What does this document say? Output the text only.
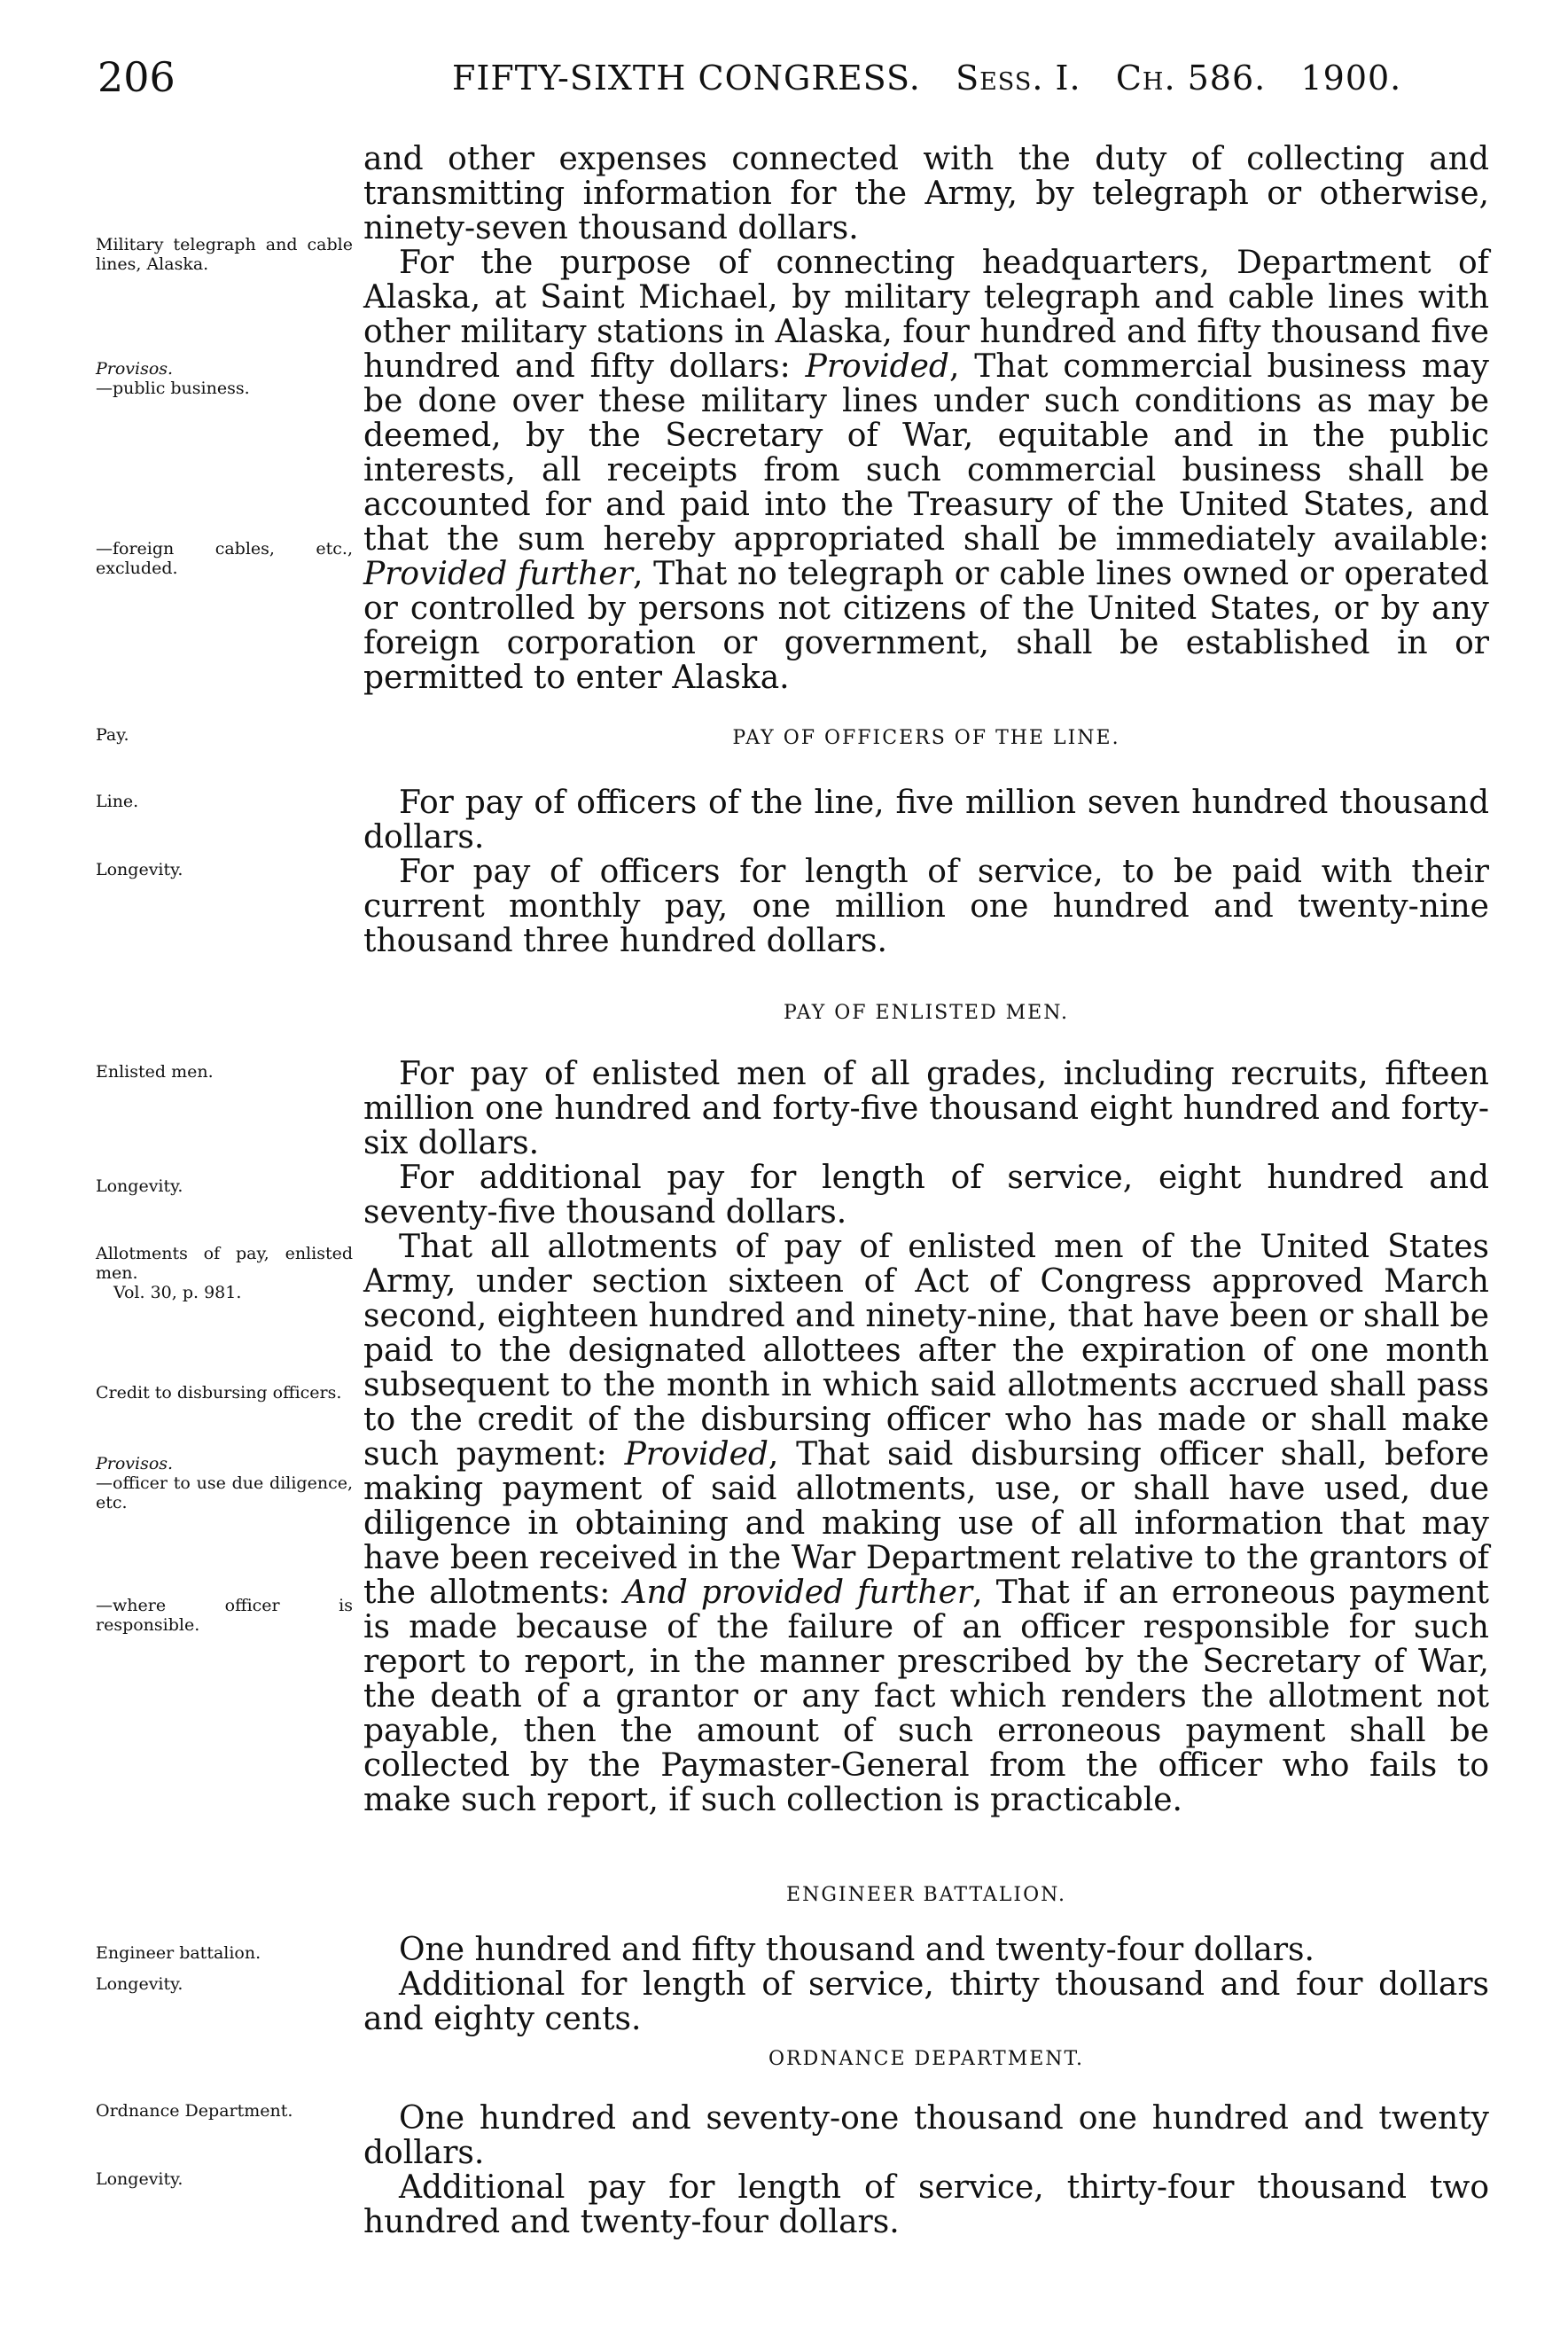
206	FIFTY-SIXTH CONGRESS. Sess. I. Ch. 586. 1900.
Military telegraph and cable lines, Alaska.
Provisos.
—public business.
—foreign cables, etc., excluded.
Pay.
Line.
Longevity.
Enlisted men.
Longevity.
Allotments of pay, enlisted men.
Vol. 30, p. 981.
Credit to disbursing officers.
Provisos.
—officer to use due diligence, etc.
—where officer is responsible.
Engineer battalion.
Longevity.
Ordnance Department.
Longevity.

and other expenses connected with the duty of collecting and transmitting information for the Army, by telegraph or otherwise, ninety-seven thousand dollars.

For the purpose of connecting headquarters, Department of Alaska, at Saint Michael, by military telegraph and cable lines with other military stations in Alaska, four hundred and fifty thousand five hundred and fifty dollars: Provided, That commercial business may be done over these military lines under such conditions as may be deemed, by the Secretary of War, equitable and in the public interests, all receipts from such commercial business shall be accounted for and paid into the Treasury of the United States, and that the sum hereby appropriated shall be immediately available: Provided further, That no telegraph or cable lines owned or operated or controlled by persons not citizens of the United States, or by any foreign corporation or government, shall be established in or permitted to enter Alaska.

PAY OF OFFICERS OF THE LINE.

For pay of officers of the line, five million seven hundred thousand dollars.

For pay of officers for length of service, to be paid with their current monthly pay, one million one hundred and twenty-nine thousand three hundred dollars.

PAY OF ENLISTED MEN.

For pay of enlisted men of all grades, including recruits, fifteen million one hundred and forty-five thousand eight hundred and forty-six dollars.

For additional pay for length of service, eight hundred and seventy-five thousand dollars.

That all allotments of pay of enlisted men of the United States Army, under section sixteen of Act of Congress approved March second, eighteen hundred and ninety-nine, that have been or shall be paid to the designated allottees after the expiration of one month subsequent to the month in which said allotments accrued shall pass to the credit of the disbursing officer who has made or shall make such payment: Provided, That said disbursing officer shall, before making payment of said allotments, use, or shall have used, due diligence in obtaining and making use of all information that may have been received in the War Department relative to the grantors of the allotments: And provided further, That if an erroneous payment is made because of the failure of an officer responsible for such report to report, in the manner prescribed by the Secretary of War, the death of a grantor or any fact which renders the allotment not payable, then the amount of such erroneous payment shall be collected by the Paymaster-General from the officer who fails to make such report, if such collection is practicable.

ENGINEER BATTALION.

One hundred and fifty thousand and twenty-four dollars.

Additional for length of service, thirty thousand and four dollars and eighty cents.

ORDNANCE DEPARTMENT.

One hundred and seventy-one thousand one hundred and twenty dollars.

Additional pay for length of service, thirty-four thousand two hundred and twenty-four dollars.
